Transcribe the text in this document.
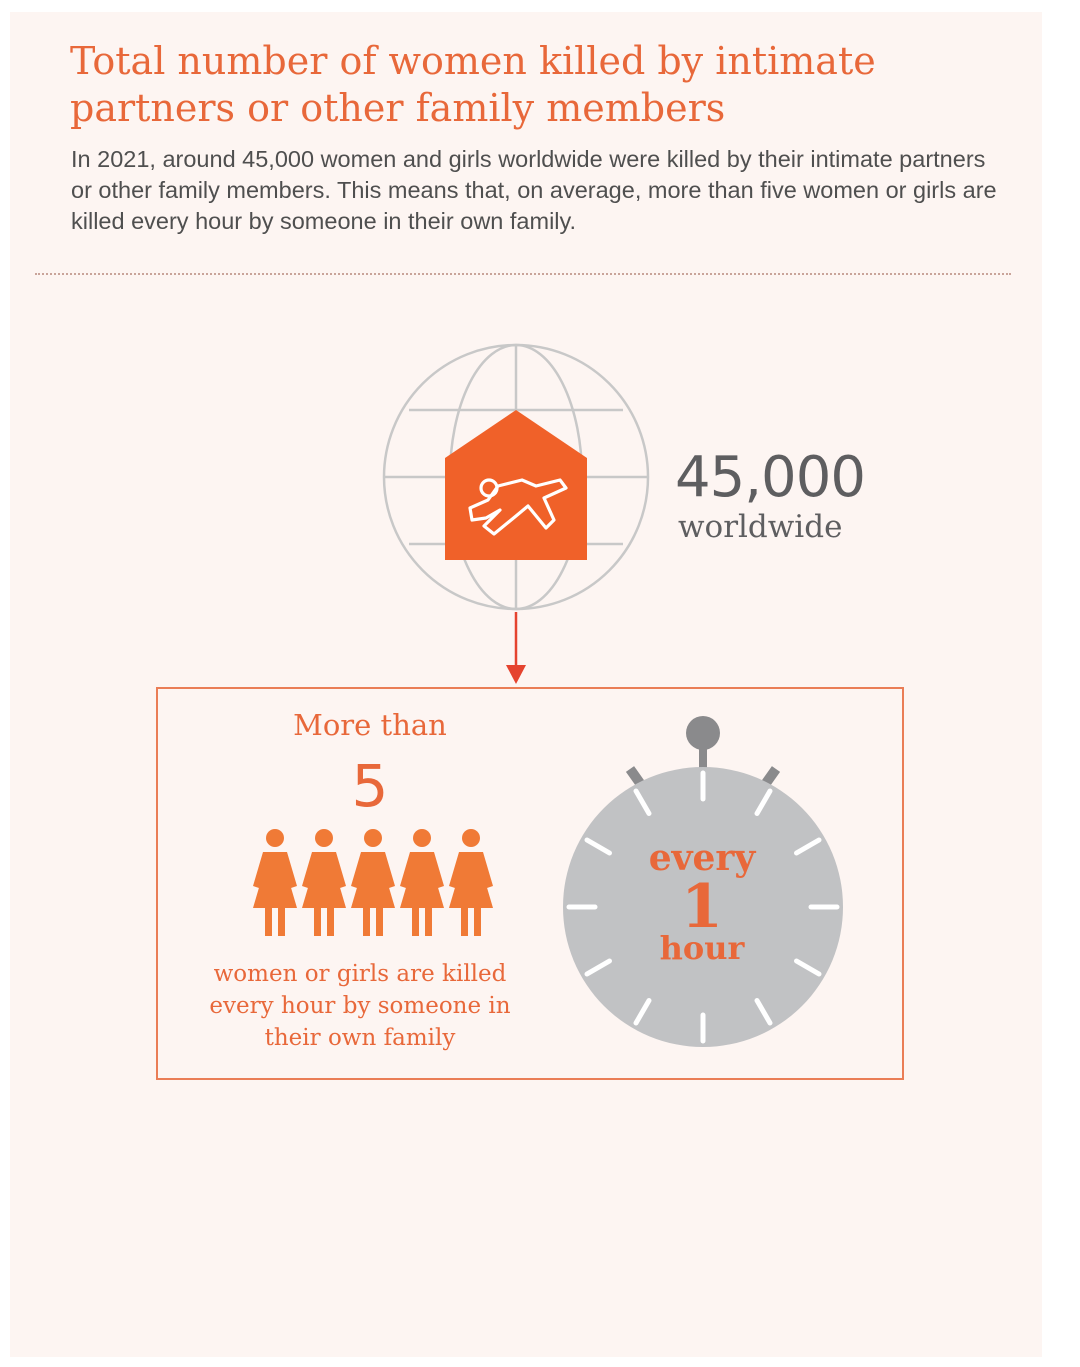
Total number of women killed by intimate partners or other family members

In 2021, around 45,000 women and girls worldwide were killed by their intimate partners or other family members. This means that, on average, more than five women or girls are killed every hour by someone in their own family.

45,000
worldwide
More than
5

women or girls are killed every hour by someone in their own family

every
1
hour
